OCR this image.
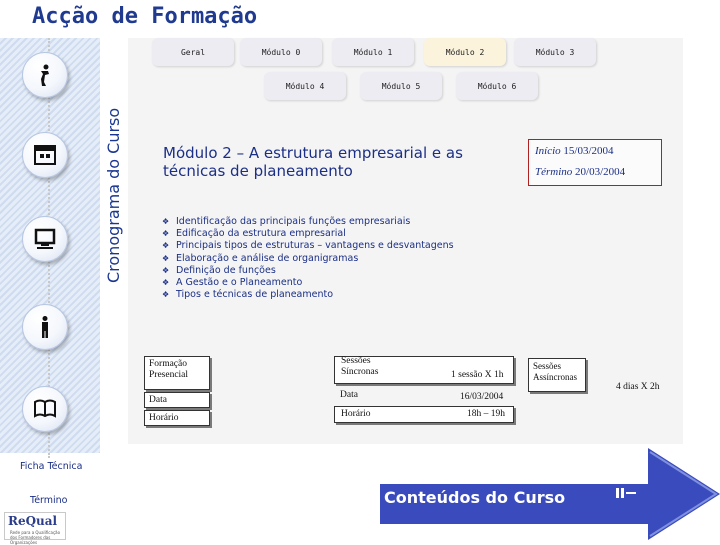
Acção de Formação
Cronograma do Curso
Geral	Módulo 0	Módulo 1	Módulo 2	Módulo 3
Módulo 4	Módulo 5	Módulo 6
Módulo 2 – A estrutura empresarial e as técnicas de planeamento
Início 15/03/2004
Término 20/03/2004
❖ Identificação das principais funções empresariais
❖ Edificação da estrutura empresarial
❖ Principais tipos de estruturas – vantagens e desvantagens
❖ Elaboração e análise de organigramas
❖ Definição de funções
❖ A Gestão e o Planeamento
❖ Tipos e técnicas de planeamento
Formação Presencial
Data
Horário
Sessões Síncronas	1 sessão X 1h
Data	16/03/2004
Horário	18h – 19h
Sessões Assíncronas
4 dias X 2h
Ficha Técnica
Término	Conteúdos do Curso
ReQual
Rede para a Qualificação dos Formadores das Organizações
